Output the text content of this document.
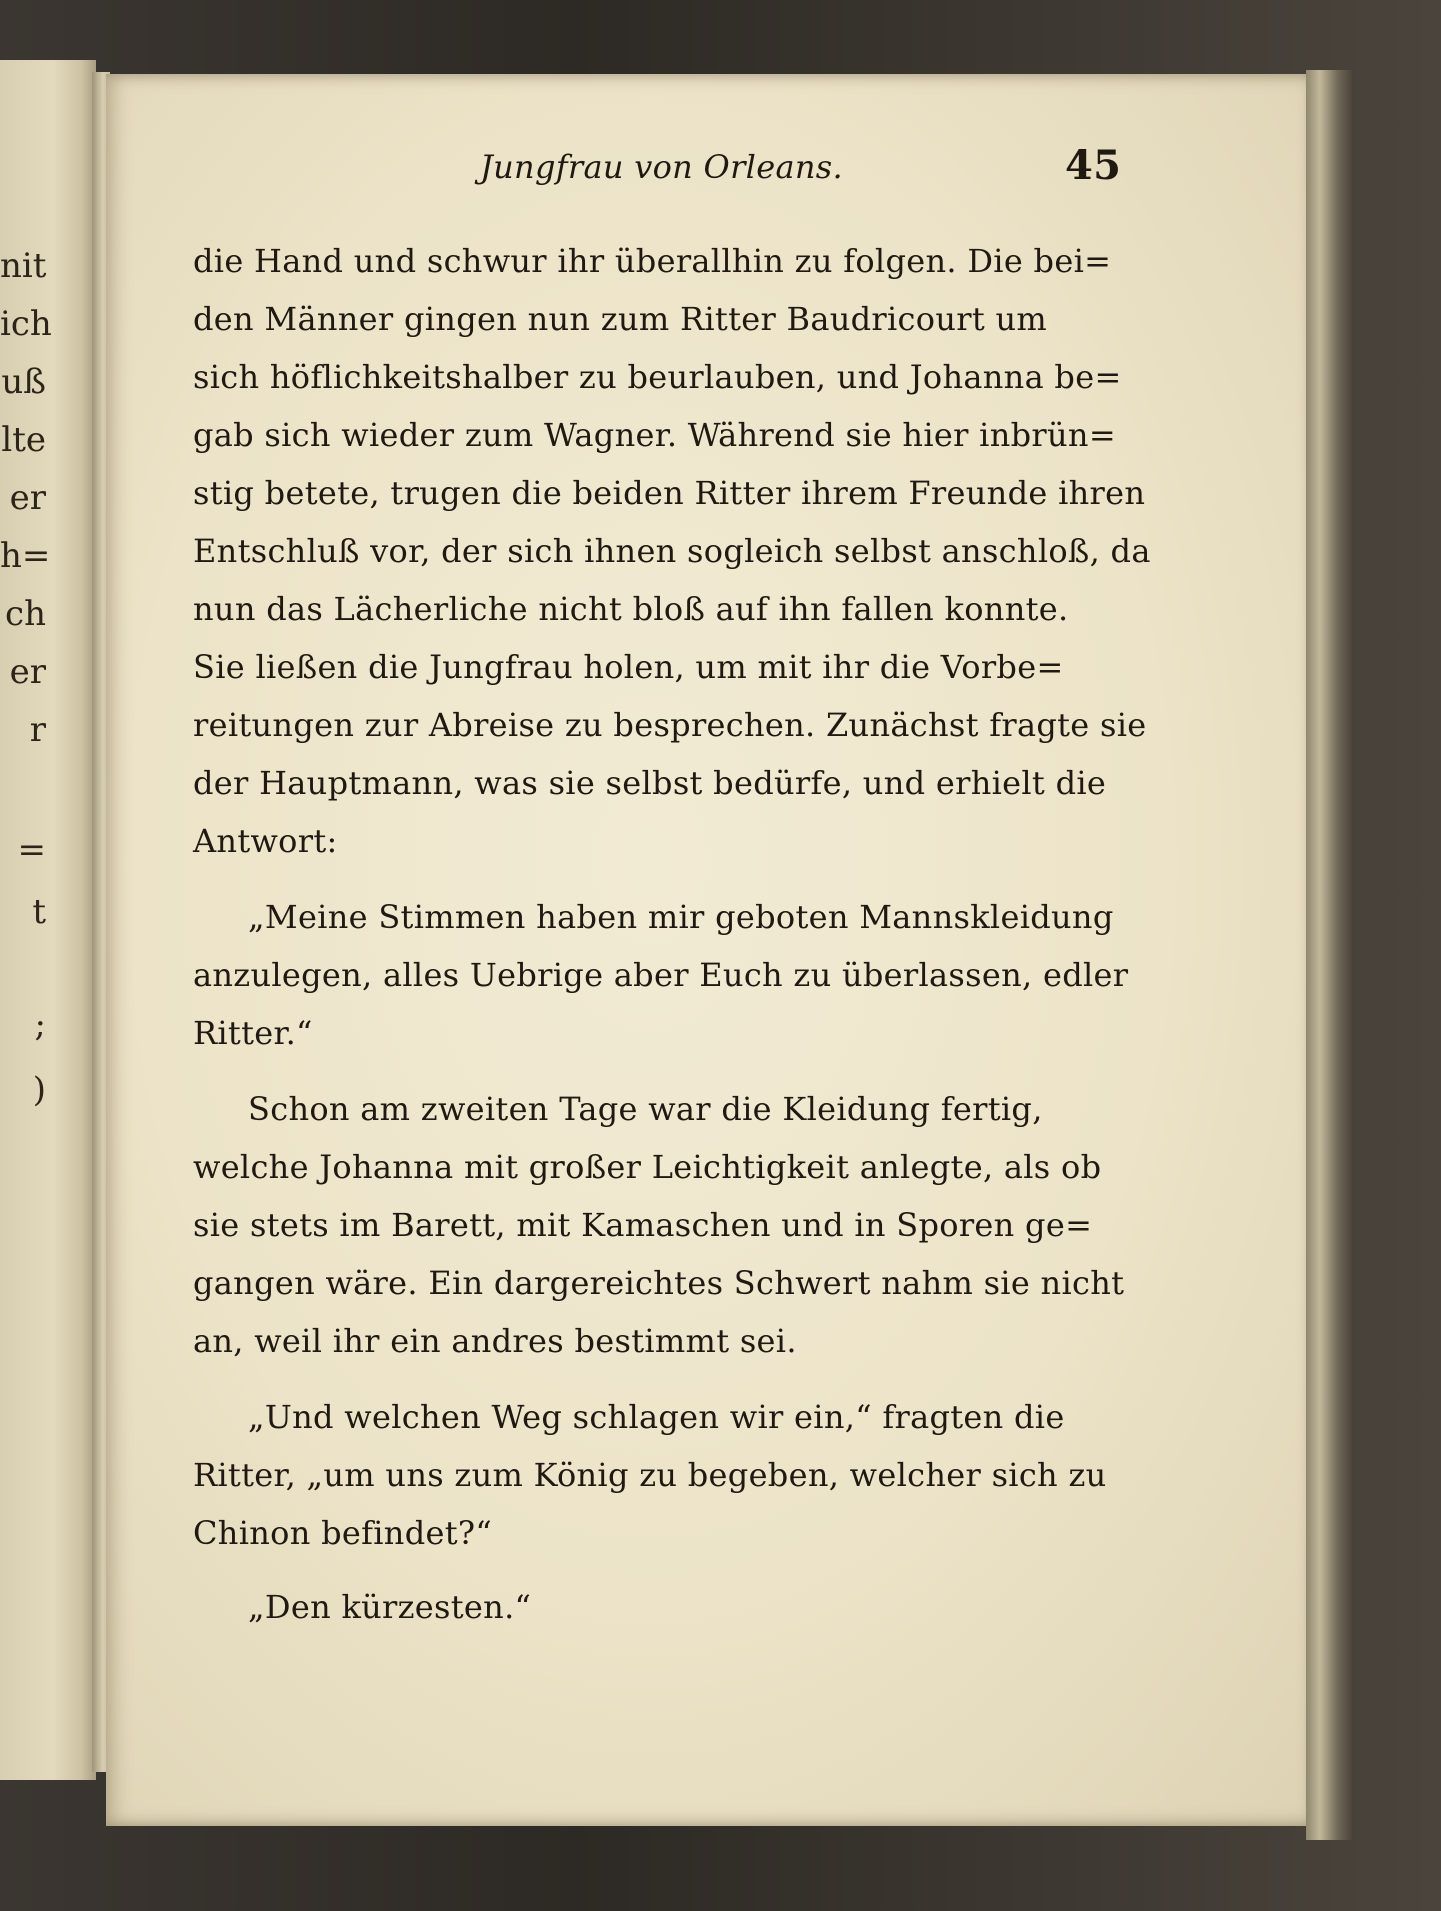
nit
ich
uß
lte
er
h=
ch
er
r
=
t
;
)
Jungfrau von Orleans.	45
die Hand und schwur ihr überallhin zu folgen. Die bei=
den Männer gingen nun zum Ritter Baudricourt um
sich höflichkeitshalber zu beurlauben, und Johanna be=
gab sich wieder zum Wagner. Während sie hier inbrün=
stig betete, trugen die beiden Ritter ihrem Freunde ihren
Entschluß vor, der sich ihnen sogleich selbst anschloß, da
nun das Lächerliche nicht bloß auf ihn fallen konnte.
Sie ließen die Jungfrau holen, um mit ihr die Vorbe=
reitungen zur Abreise zu besprechen. Zunächst fragte sie
der Hauptmann, was sie selbst bedürfe, und erhielt die
Antwort:
„Meine Stimmen haben mir geboten Mannskleidung
anzulegen, alles Uebrige aber Euch zu überlassen, edler
Ritter.“
Schon am zweiten Tage war die Kleidung fertig,
welche Johanna mit großer Leichtigkeit anlegte, als ob
sie stets im Barett, mit Kamaschen und in Sporen ge=
gangen wäre. Ein dargereichtes Schwert nahm sie nicht
an, weil ihr ein andres bestimmt sei.
„Und welchen Weg schlagen wir ein,“ fragten die
Ritter, „um uns zum König zu begeben, welcher sich zu
Chinon befindet?“
„Den kürzesten.“
